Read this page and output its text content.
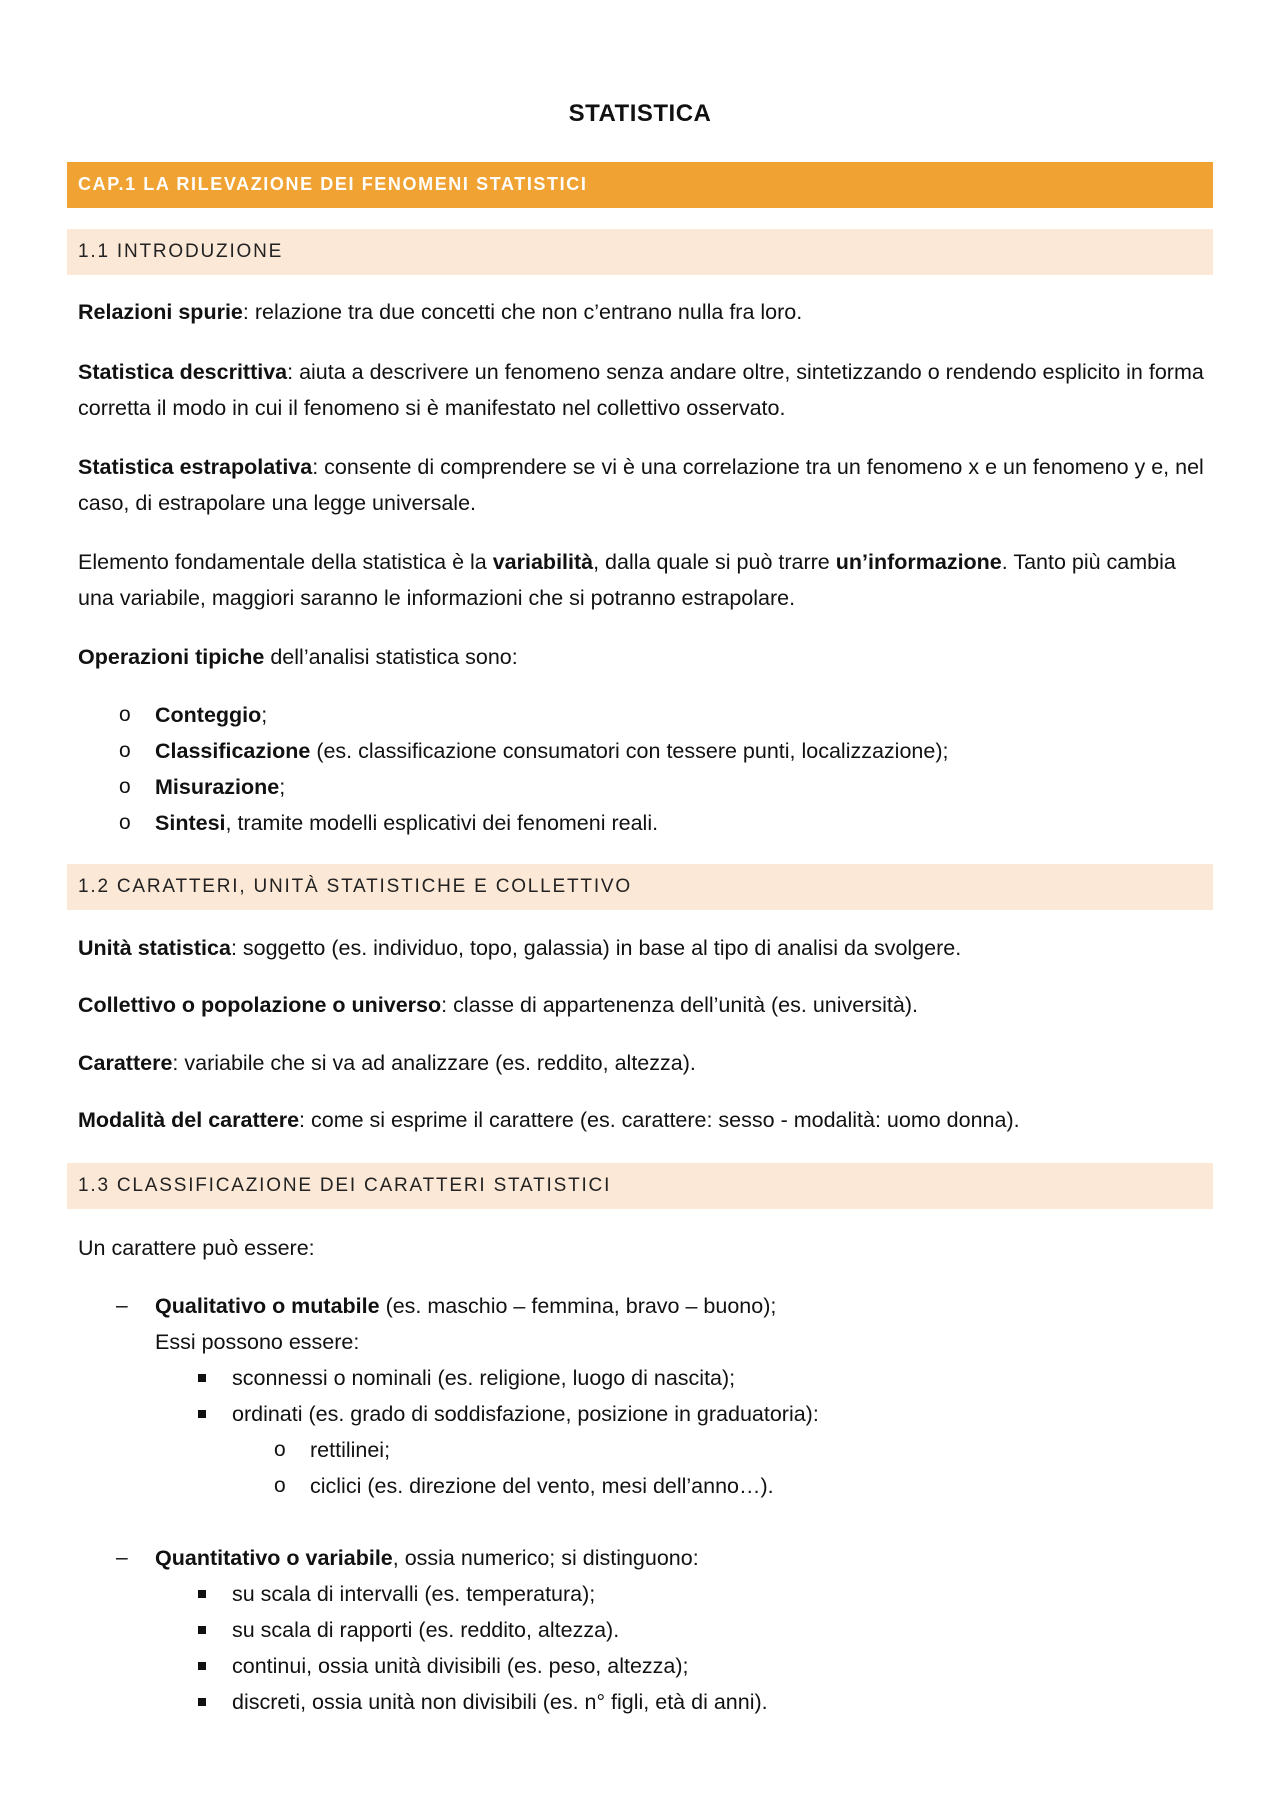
STATISTICA
CAP.1 LA RILEVAZIONE DEI FENOMENI STATISTICI
1.1 INTRODUZIONE

Relazioni spurie: relazione tra due concetti che non c’entrano nulla fra loro.

Statistica descrittiva: aiuta a descrivere un fenomeno senza andare oltre, sintetizzando o rendendo esplicito in forma corretta il modo in cui il fenomeno si è manifestato nel collettivo osservato.

Statistica estrapolativa: consente di comprendere se vi è una correlazione tra un fenomeno x e un fenomeno y e, nel caso, di estrapolare una legge universale.

Elemento fondamentale della statistica è la variabilità, dalla quale si può trarre un’informazione. Tanto più cambia una variabile, maggiori saranno le informazioni che si potranno estrapolare.

Operazioni tipiche dell’analisi statistica sono:

o Conteggio;
o Classificazione (es. classificazione consumatori con tessere punti, localizzazione);
o Misurazione;
o Sintesi, tramite modelli esplicativi dei fenomeni reali.
1.2 CARATTERI, UNITÀ STATISTICHE E COLLETTIVO

Unità statistica: soggetto (es. individuo, topo, galassia) in base al tipo di analisi da svolgere.

Collettivo o popolazione o universo: classe di appartenenza dell’unità (es. università).

Carattere: variabile che si va ad analizzare (es. reddito, altezza).

Modalità del carattere: come si esprime il carattere (es. carattere: sesso - modalità: uomo donna).

1.3 CLASSIFICAZIONE DEI CARATTERI STATISTICI

Un carattere può essere:

– Qualitativo o mutabile (es. maschio – femmina, bravo – buono);
Essi possono essere:
sconnessi o nominali (es. religione, luogo di nascita);
ordinati (es. grado di soddisfazione, posizione in graduatoria):
o rettilinei;
o ciclici (es. direzione del vento, mesi dell’anno…).
– Quantitativo o variabile, ossia numerico; si distinguono:
su scala di intervalli (es. temperatura);
su scala di rapporti (es. reddito, altezza).
continui, ossia unità divisibili (es. peso, altezza);
discreti, ossia unità non divisibili (es. n° figli, età di anni).
